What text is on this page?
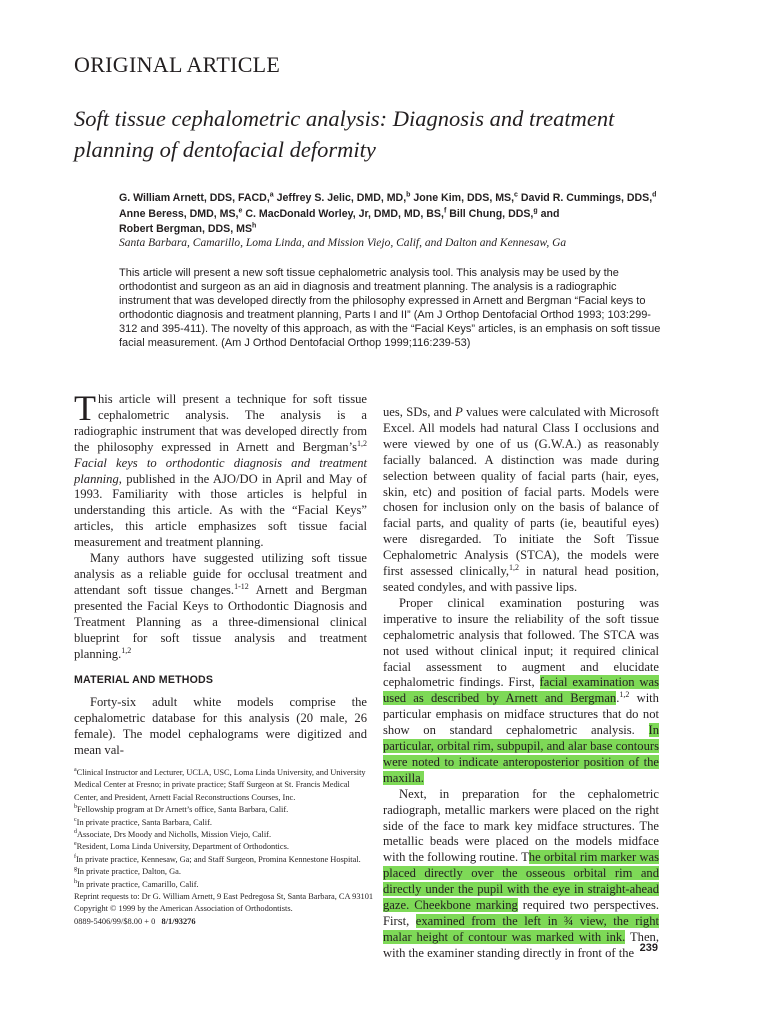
ORIGINAL ARTICLE
Soft tissue cephalometric analysis: Diagnosis and treatment planning of dentofacial deformity
G. William Arnett, DDS, FACD,$^a$ Jeffrey S. Jelic, DMD, MD,$^b$ Jone Kim, DDS, MS,$^c$ David R. Cummings, DDS,$^d$
Anne Beress, DMD, MS,$^e$ C. MacDonald Worley, Jr, DMD, MD, BS,$^f$ Bill Chung, DDS,$^g$ and
Robert Bergman, DDS, $MS^h$
Santa Barbara, Camarillo, Loma Linda, and Mission Viejo, Calif, and Dalton and Kennesaw, Ga
This article will present a new soft tissue cephalometric analysis tool. This analysis may be used by the orthodontist and surgeon as an aid in diagnosis and treatment planning. The analysis is a radiographic instrument that was developed directly from the philosophy expressed in Arnett and Bergman “Facial keys to orthodontic diagnosis and treatment planning, Parts I and II” (Am J Orthop Dentofacial Orthod 1993; 103:299-312 and 395-411). The novelty of this approach, as with the “Facial Keys” articles, is an emphasis on soft tissue facial measurement. (Am J Orthod Dentofacial Orthop 1999;116:239-53)

This article will present a technique for soft tissue cephalometric analysis. The analysis is a radiographic instrument that was developed directly from the philosophy expressed in Arnett and $Bergman’s^{1,2}$ Facial keys to orthodontic diagnosis and treatment planning, published in the AJO/DO in April and May of 1993. Familiarity with those articles is helpful in understanding this article. As with the “Facial Keys” articles, this article emphasizes soft tissue facial measurement and treatment planning.

Many authors have suggested utilizing soft tissue analysis as a reliable guide for occlusal treatment and attendant soft tissue changes.$^{1-12}$ Arnett and Bergman presented the Facial Keys to Orthodontic Diagnosis and Treatment Planning as a three-dimensional clinical blueprint for soft tissue analysis and treatment planning.$^{1,2}$

MATERIAL AND METHODS

Forty-six adult white models comprise the cephalometric database for this analysis (20 male, 26 female). The model cephalograms were digitized and mean val-

ues, SDs, and P values were calculated with Microsoft Excel. All models had natural Class I occlusions and were viewed by one of us (G.W.A.) as reasonably facially balanced. A distinction was made during selection between quality of facial parts (hair, eyes, skin, etc) and position of facial parts. Models were chosen for inclusion only on the basis of balance of facial parts, and quality of parts (ie, beautiful eyes) were disregarded. To initiate the Soft Tissue Cephalometric Analysis (STCA), the models were first assessed clinically,$^{1,2}$ in natural head position, seated condyles, and with passive lips.

Proper clinical examination posturing was imperative to insure the reliability of the soft tissue cephalometric analysis that followed. The STCA was not used without clinical input; it required clinical facial assessment to augment and elucidate cephalometric findings. First, facial examination was used as described by Arnett and Bergman.$^{1,2}$ with particular emphasis on midface structures that do not show on standard cephalometric analysis. In particular, orbital rim, subpupil, and alar base contours were noted to indicate anteroposterior position of the maxilla.

Next, in preparation for the cephalometric radiograph, metallic markers were placed on the right side of the face to mark key midface structures. The metallic beads were placed on the models midface with the following routine. The orbital rim marker was placed directly over the osseous orbital rim and directly under the pupil with the eye in straight-ahead gaze. Cheekbone marking required two perspectives. First, examined from the left in ¾ view, the right malar height of contour was marked with ink. Then, with the examiner standing directly in front of the

$^a$Clinical Instructor and Lecturer, UCLA, USC, Loma Linda University, and University Medical Center at Fresno; in private practice; Staff Surgeon at St. Francis Medical Center, and President, Arnett Facial Reconstructions Courses, Inc.
$^b$Fellowship program at Dr Arnett’s office, Santa Barbara, Calif.
$^c$In private practice, Santa Barbara, Calif.
$^d$Associate, Drs Moody and Nicholls, Mission Viejo, Calif.
$^e$Resident, Loma Linda University, Department of Orthodontics.
$^f$In private practice, Kennesaw, Ga; and Staff Surgeon, Promina Kennestone Hospital.
$^g$In private practice, Dalton, Ga.
$^h$In private practice, Camarillo, Calif.
Reprint requests to: Dr G. William Arnett, 9 East Pedregosa St, Santa Barbara, CA 93101
Copyright © 1999 by the American Association of Orthodontists.
0889-5406/99/$8.00 + 0 8/1/93276
239
